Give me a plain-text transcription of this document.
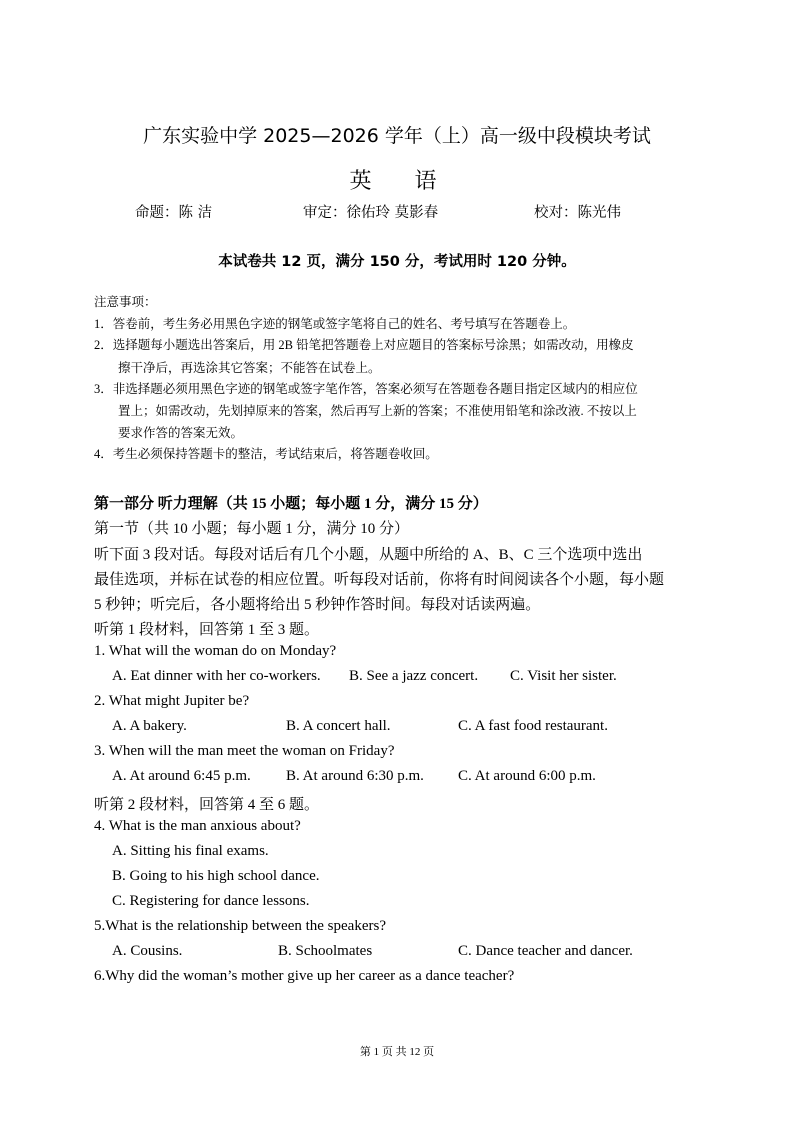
广东实验中学 2025—2026 学年（上）高一级中段模块考试
英 语
命题：陈 洁	审定：徐佑玲 莫影春	校对：陈光伟
本试卷共 12 页，满分 150 分，考试用时 120 分钟。
注意事项：
1．答卷前，考生务必用黑色字迹的钢笔或签字笔将自己的姓名、考号填写在答题卷上。
2．选择题每小题选出答案后，用 2B 铅笔把答题卷上对应题目的答案标号涂黑；如需改动，用橡皮
擦干净后，再选涂其它答案；不能答在试卷上。
3．非选择题必须用黑色字迹的钢笔或签字笔作答，答案必须写在答题卷各题目指定区域内的相应位
置上；如需改动，先划掉原来的答案，然后再写上新的答案；不准使用铅笔和涂改液. 不按以上
要求作答的答案无效。
4．考生必须保持答题卡的整洁，考试结束后，将答题卷收回。
第一部分 听力理解（共 15 小题；每小题 1 分，满分 15 分）
第一节（共 10 小题；每小题 1 分，满分 10 分）
听下面 3 段对话。每段对话后有几个小题，从题中所给的 A、B、C 三个选项中选出
最佳选项，并标在试卷的相应位置。听每段对话前，你将有时间阅读各个小题，每小题
5 秒钟；听完后，各小题将给出 5 秒钟作答时间。每段对话读两遍。
听第 1 段材料，回答第 1 至 3 题。
1. What will the woman do on Monday?
A. Eat dinner with her co-workers. B. See a jazz concert. C. Visit her sister.
2. What might Jupiter be?
A. A bakery.	B. A concert hall.	C. A fast food restaurant.
3. When will the man meet the woman on Friday?
A. At around 6:45 p.m. B. At around 6:30 p.m. C. At around 6:00 p.m.
听第 2 段材料，回答第 4 至 6 题。
4. What is the man anxious about?
A. Sitting his final exams.
B. Going to his high school dance.
C. Registering for dance lessons.
5.What is the relationship between the speakers?
A. Cousins.	B. Schoolmates	C. Dance teacher and dancer.
6.Why did the woman’s mother give up her career as a dance teacher?
第 1 页 共 12 页
